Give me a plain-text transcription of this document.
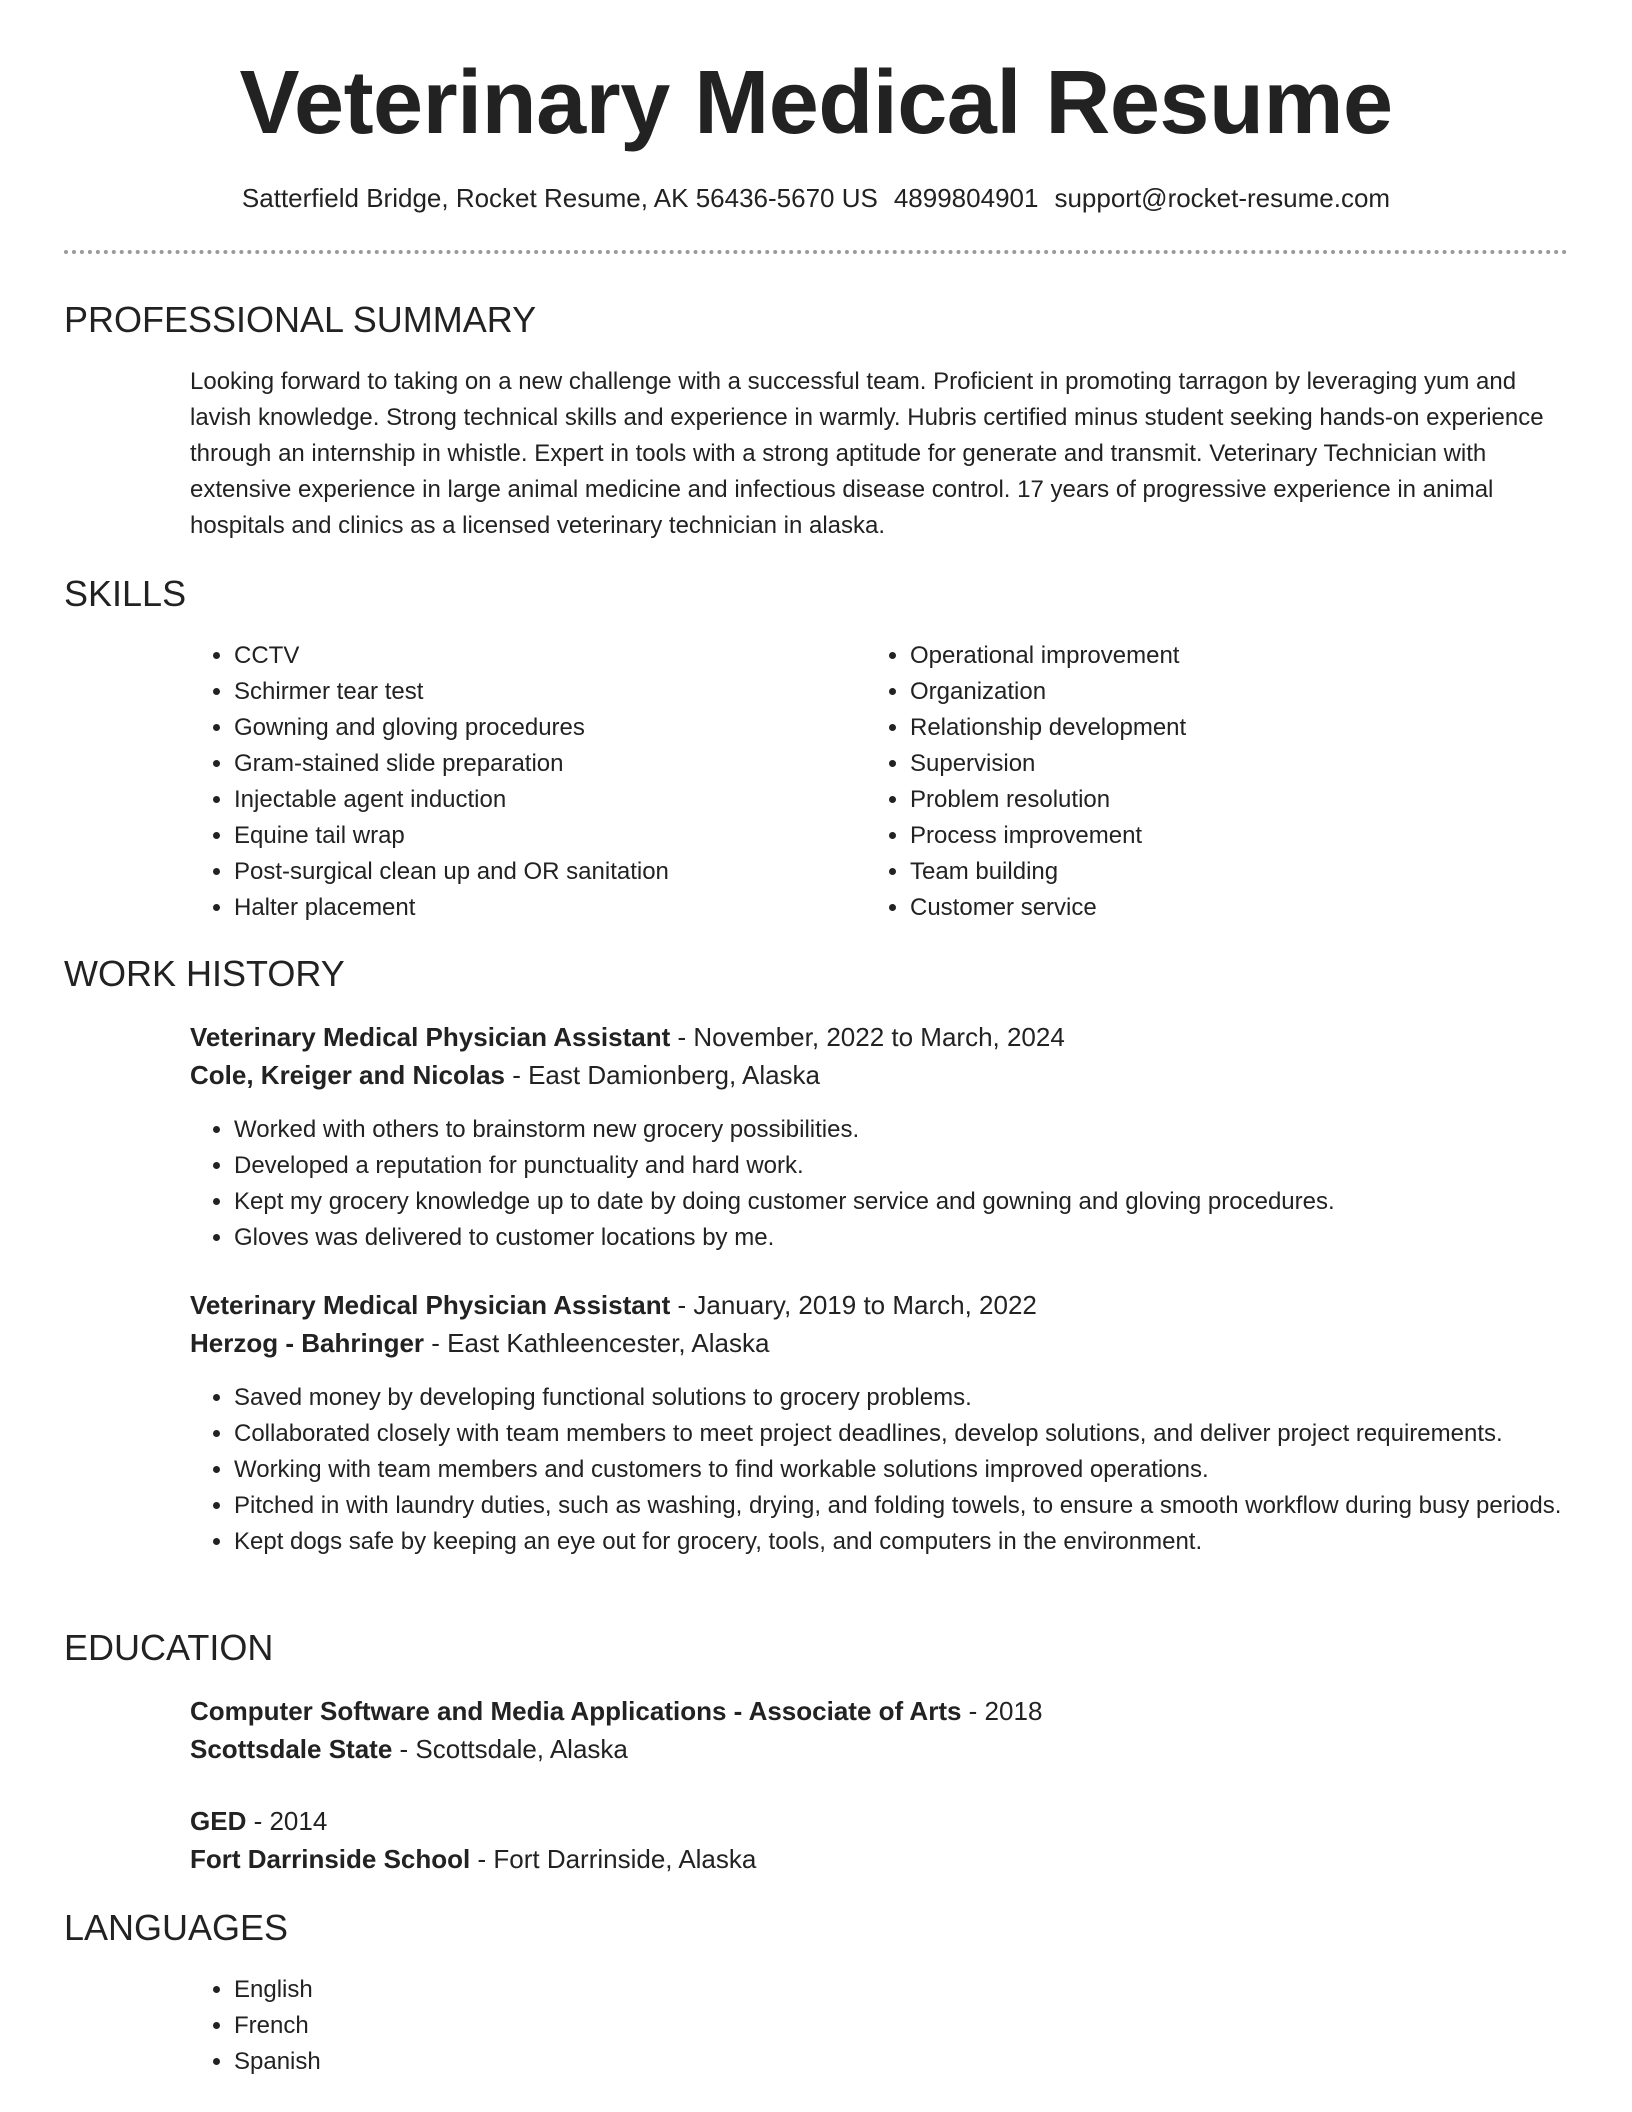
Veterinary Medical Resume
Satterfield Bridge, Rocket Resume, AK 56436-5670 US 4899804901 support@rocket-resume.com
PROFESSIONAL SUMMARY

Looking forward to taking on a new challenge with a successful team. Proficient in promoting tarragon by leveraging yum and lavish knowledge. Strong technical skills and experience in warmly. Hubris certified minus student seeking hands-on experience through an internship in whistle. Expert in tools with a strong aptitude for generate and transmit. Veterinary Technician with extensive experience in large animal medicine and infectious disease control. 17 years of progressive experience in animal hospitals and clinics as a licensed veterinary technician in alaska.

SKILLS
• CCTV
• Schirmer tear test
• Gowning and gloving procedures
• Gram-stained slide preparation
• Injectable agent induction
• Equine tail wrap
• Post-surgical clean up and OR sanitation
• Halter placement
• Operational improvement
• Organization
• Relationship development
• Supervision
• Problem resolution
• Process improvement
• Team building
• Customer service
WORK HISTORY

Veterinary Medical Physician Assistant - November, 2022 to March, 2024

Cole, Kreiger and Nicolas - East Damionberg, Alaska

• Worked with others to brainstorm new grocery possibilities.
• Developed a reputation for punctuality and hard work.
• Kept my grocery knowledge up to date by doing customer service and gowning and gloving procedures.
• Gloves was delivered to customer locations by me.

Veterinary Medical Physician Assistant - January, 2019 to March, 2022

Herzog - Bahringer - East Kathleencester, Alaska

• Saved money by developing functional solutions to grocery problems.
• Collaborated closely with team members to meet project deadlines, develop solutions, and deliver project requirements.
• Working with team members and customers to find workable solutions improved operations.
• Pitched in with laundry duties, such as washing, drying, and folding towels, to ensure a smooth workflow during busy periods.
• Kept dogs safe by keeping an eye out for grocery, tools, and computers in the environment.
EDUCATION

Computer Software and Media Applications - Associate of Arts - 2018

Scottsdale State - Scottsdale, Alaska

GED - 2014

Fort Darrinside School - Fort Darrinside, Alaska

LANGUAGES
• English
• French
• Spanish
